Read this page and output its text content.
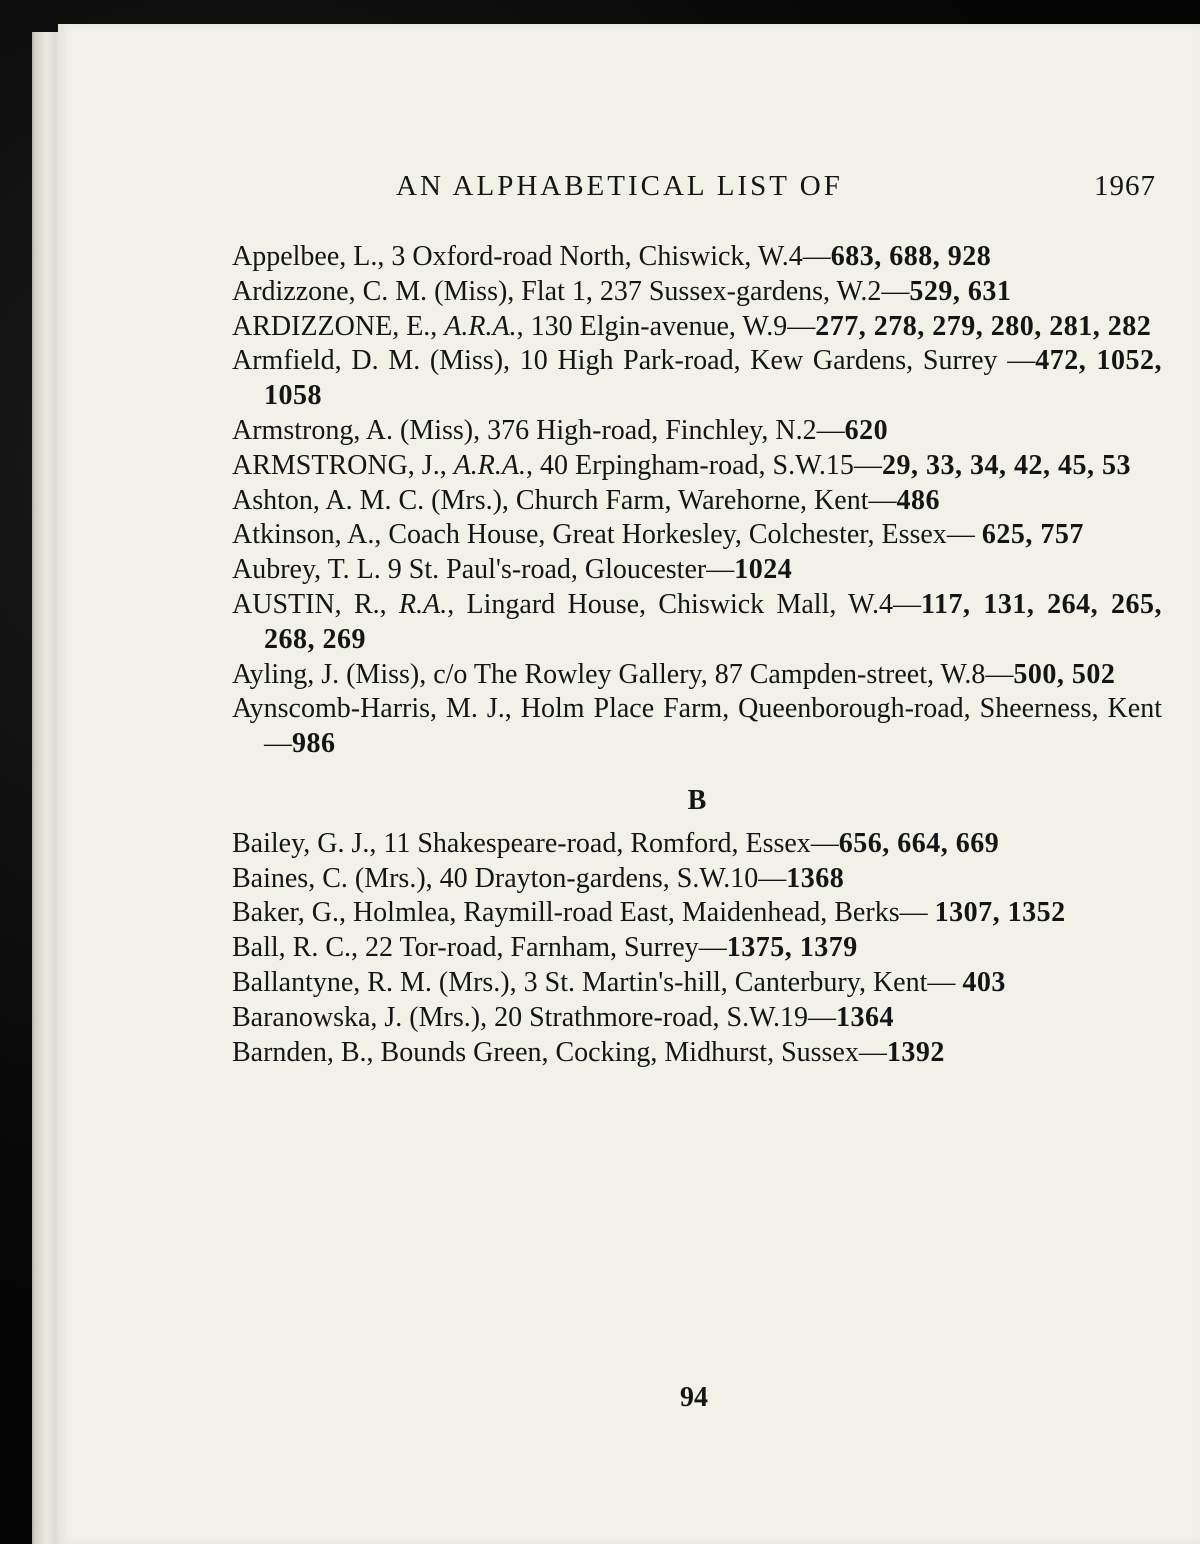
AN ALPHABETICAL LIST OF	1967
Appelbee, L., 3 Oxford-road North, Chiswick, W.4—683, 688, 928
Ardizzone, C. M. (Miss), Flat 1, 237 Sussex-gardens, W.2—529, 631
ARDIZZONE, E., A.R.A., 130 Elgin-avenue, W.9—277, 278, 279, 280, 281, 282
Armfield, D. M. (Miss), 10 High Park-road, Kew Gardens, Surrey —472, 1052, 1058
Armstrong, A. (Miss), 376 High-road, Finchley, N.2—620
ARMSTRONG, J., A.R.A., 40 Erpingham-road, S.W.15—29, 33, 34, 42, 45, 53
Ashton, A. M. C. (Mrs.), Church Farm, Warehorne, Kent—486
Atkinson, A., Coach House, Great Horkesley, Colchester, Essex— 625, 757
Aubrey, T. L. 9 St. Paul's-road, Gloucester—1024
AUSTIN, R., R.A., Lingard House, Chiswick Mall, W.4—117, 131, 264, 265, 268, 269
Ayling, J. (Miss), c/o The Rowley Gallery, 87 Campden-street, W.8—500, 502
Aynscomb-Harris, M. J., Holm Place Farm, Queenborough-road, Sheerness, Kent—986
B
Bailey, G. J., 11 Shakespeare-road, Romford, Essex—656, 664, 669
Baines, C. (Mrs.), 40 Drayton-gardens, S.W.10—1368
Baker, G., Holmlea, Raymill-road East, Maidenhead, Berks— 1307, 1352
Ball, R. C., 22 Tor-road, Farnham, Surrey—1375, 1379
Ballantyne, R. M. (Mrs.), 3 St. Martin's-hill, Canterbury, Kent— 403
Baranowska, J. (Mrs.), 20 Strathmore-road, S.W.19—1364
Barnden, B., Bounds Green, Cocking, Midhurst, Sussex—1392
94
